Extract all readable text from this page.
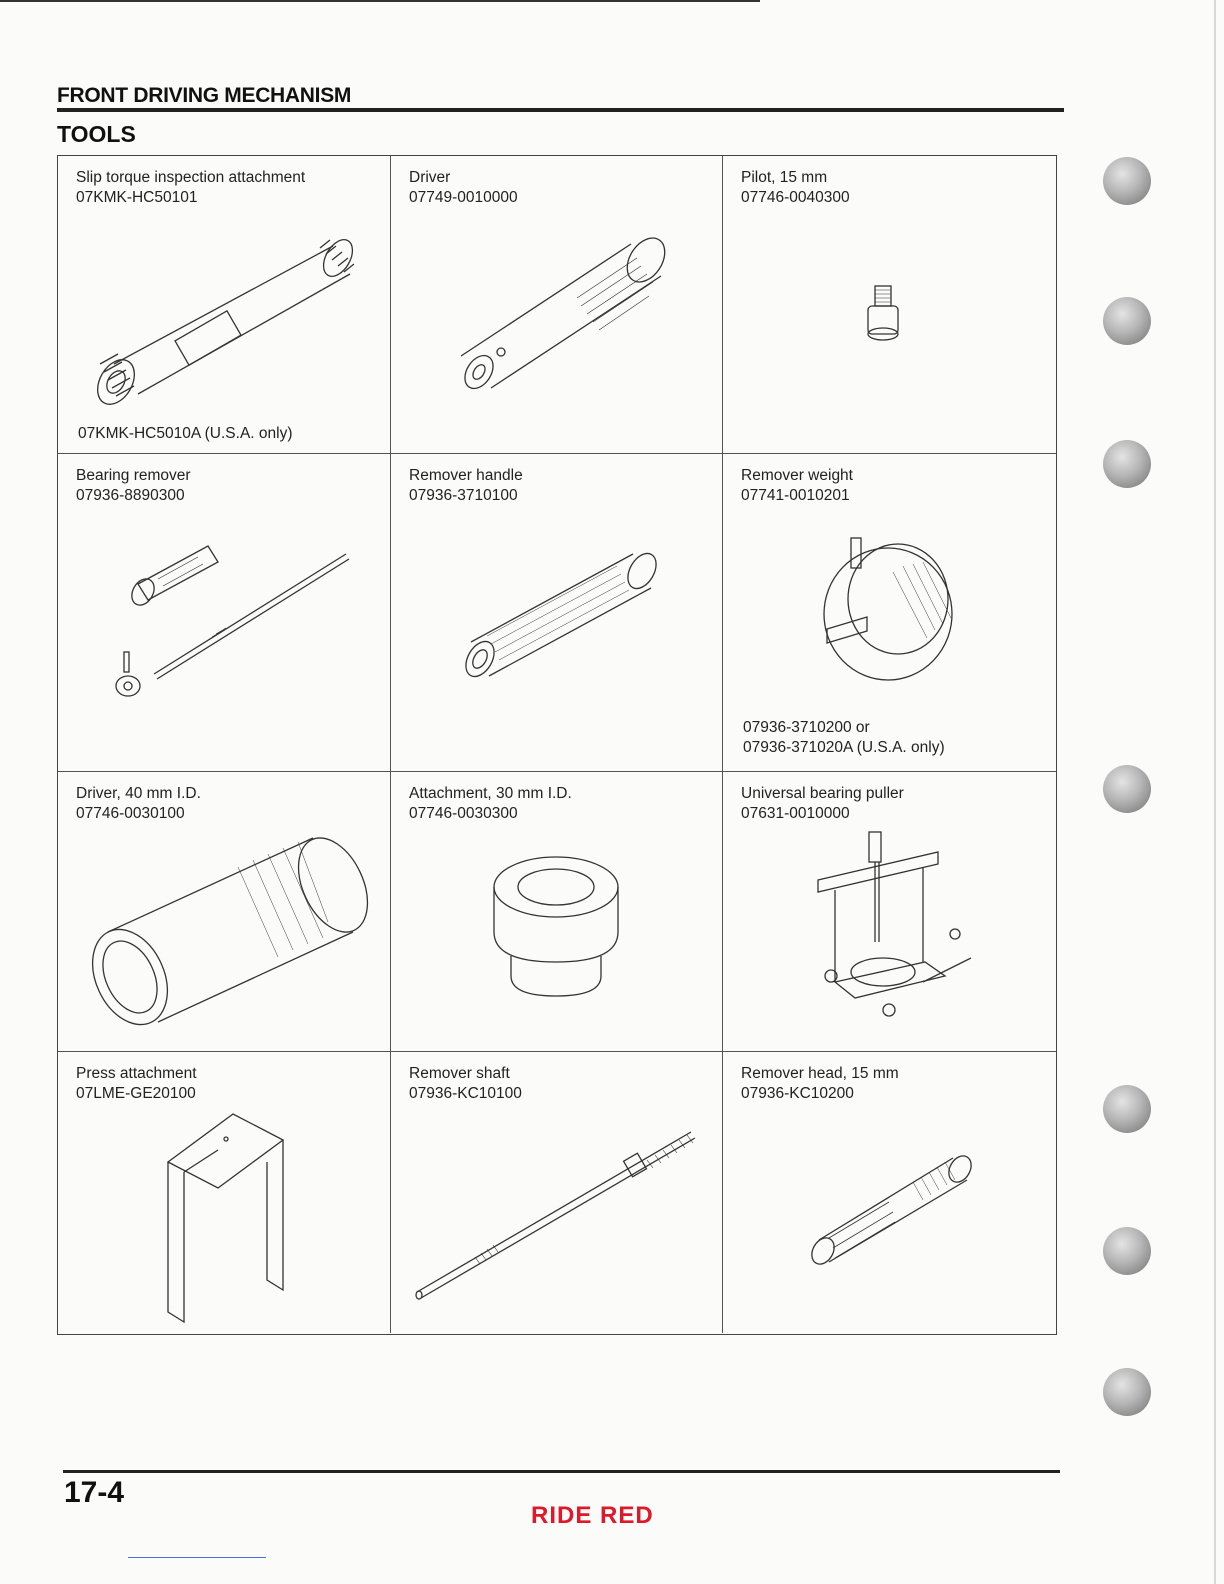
FRONT DRIVING MECHANISM
TOOLS
Slip torque inspection attachment
07KMK-HC50101
07KMK-HC5010A (U.S.A. only)
Driver
07749-0010000
Pilot, 15 mm
07746-0040300
Bearing remover
07936-8890300
Remover handle
07936-3710100
Remover weight
07741-0010201
07936-3710200 or
07936-371020A (U.S.A. only)
Driver, 40 mm I.D.
07746-0030100
Attachment, 30 mm I.D.
07746-0030300
Universal bearing puller
07631-0010000
Press attachment
07LME-GE20100
Remover shaft
07936-KC10100
Remover head, 15 mm
07936-KC10200
17-4
RIDE RED
